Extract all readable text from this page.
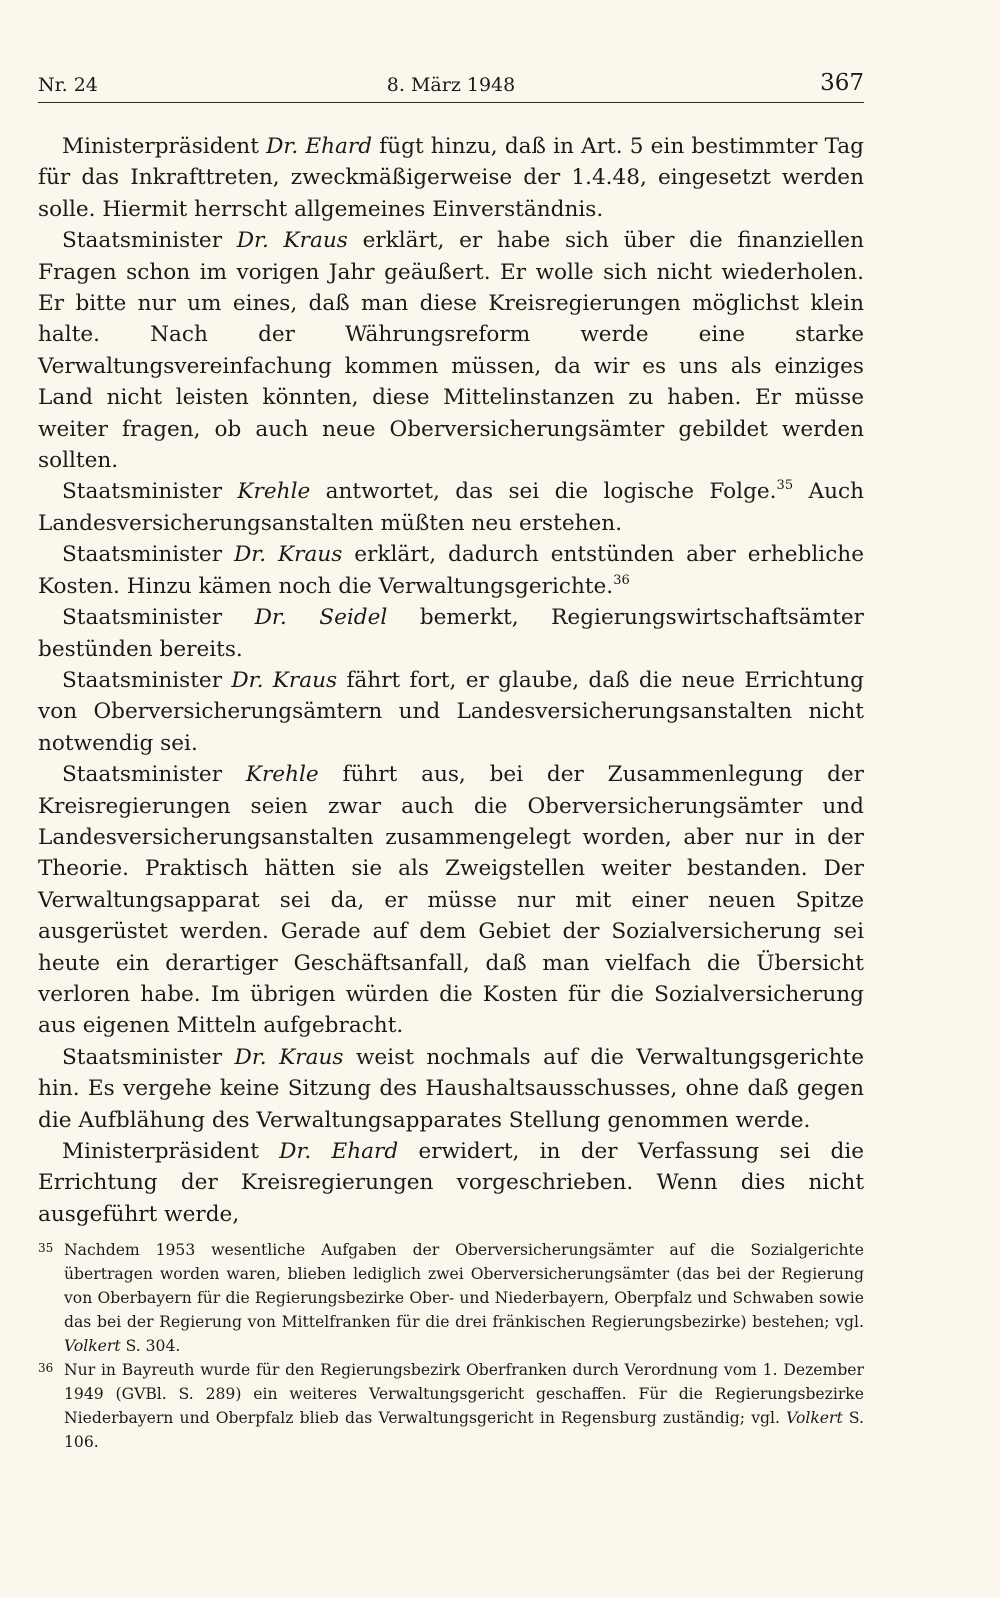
Nr. 24	8. März 1948	367

Ministerpräsident Dr. Ehard fügt hinzu, daß in Art. 5 ein bestimmter Tag für das Inkrafttreten, zweckmäßigerweise der 1.4.48, eingesetzt werden solle. Hiermit herrscht allgemeines Einverständnis.

Staatsminister Dr. Kraus erklärt, er habe sich über die finanziellen Fragen schon im vorigen Jahr geäußert. Er wolle sich nicht wiederholen. Er bitte nur um eines, daß man diese Kreisregierungen möglichst klein halte. Nach der Währungsreform werde eine starke Verwaltungsvereinfachung kommen müssen, da wir es uns als einziges Land nicht leisten könnten, diese Mittelinstanzen zu haben. Er müsse weiter fragen, ob auch neue Oberversicherungsämter gebildet werden sollten.

Staatsminister Krehle antwortet, das sei die logische Folge.$^{35}$ Auch Landesversicherungsanstalten müßten neu erstehen.

Staatsminister Dr. Kraus erklärt, dadurch entstünden aber erhebliche Kosten. Hinzu kämen noch die Verwaltungsgerichte.$^{36}$

Staatsminister Dr. Seidel bemerkt, Regierungswirtschaftsämter bestünden bereits.

Staatsminister Dr. Kraus fährt fort, er glaube, daß die neue Errichtung von Oberversicherungsämtern und Landesversicherungsanstalten nicht notwendig sei.

Staatsminister Krehle führt aus, bei der Zusammenlegung der Kreisregierungen seien zwar auch die Oberversicherungsämter und Landesversicherungsanstalten zusammengelegt worden, aber nur in der Theorie. Praktisch hätten sie als Zweigstellen weiter bestanden. Der Verwaltungsapparat sei da, er müsse nur mit einer neuen Spitze ausgerüstet werden. Gerade auf dem Gebiet der Sozialversicherung sei heute ein derartiger Geschäftsanfall, daß man vielfach die Übersicht verloren habe. Im übrigen würden die Kosten für die Sozialversicherung aus eigenen Mitteln aufgebracht.

Staatsminister Dr. Kraus weist nochmals auf die Verwaltungsgerichte hin. Es vergehe keine Sitzung des Haushaltsausschusses, ohne daß gegen die Aufblähung des Verwaltungsapparates Stellung genommen werde.

Ministerpräsident Dr. Ehard erwidert, in der Verfassung sei die Errichtung der Kreisregierungen vorgeschrieben. Wenn dies nicht ausgeführt werde,

35 Nachdem 1953 wesentliche Aufgaben der Oberversicherungsämter auf die Sozialgerichte übertragen worden waren, blieben lediglich zwei Oberversicherungsämter (das bei der Regierung von Oberbayern für die Regierungsbezirke Ober- und Niederbayern, Oberpfalz und Schwaben sowie das bei der Regierung von Mittelfranken für die drei fränkischen Regierungsbezirke) bestehen; vgl. Volkert S. 304.
36 Nur in Bayreuth wurde für den Regierungsbezirk Oberfranken durch Verordnung vom 1. Dezember 1949 (GVBl. S. 289) ein weiteres Verwaltungsgericht geschaffen. Für die Regierungsbezirke Niederbayern und Oberpfalz blieb das Verwaltungsgericht in Regensburg zuständig; vgl. Volkert S. 106.
